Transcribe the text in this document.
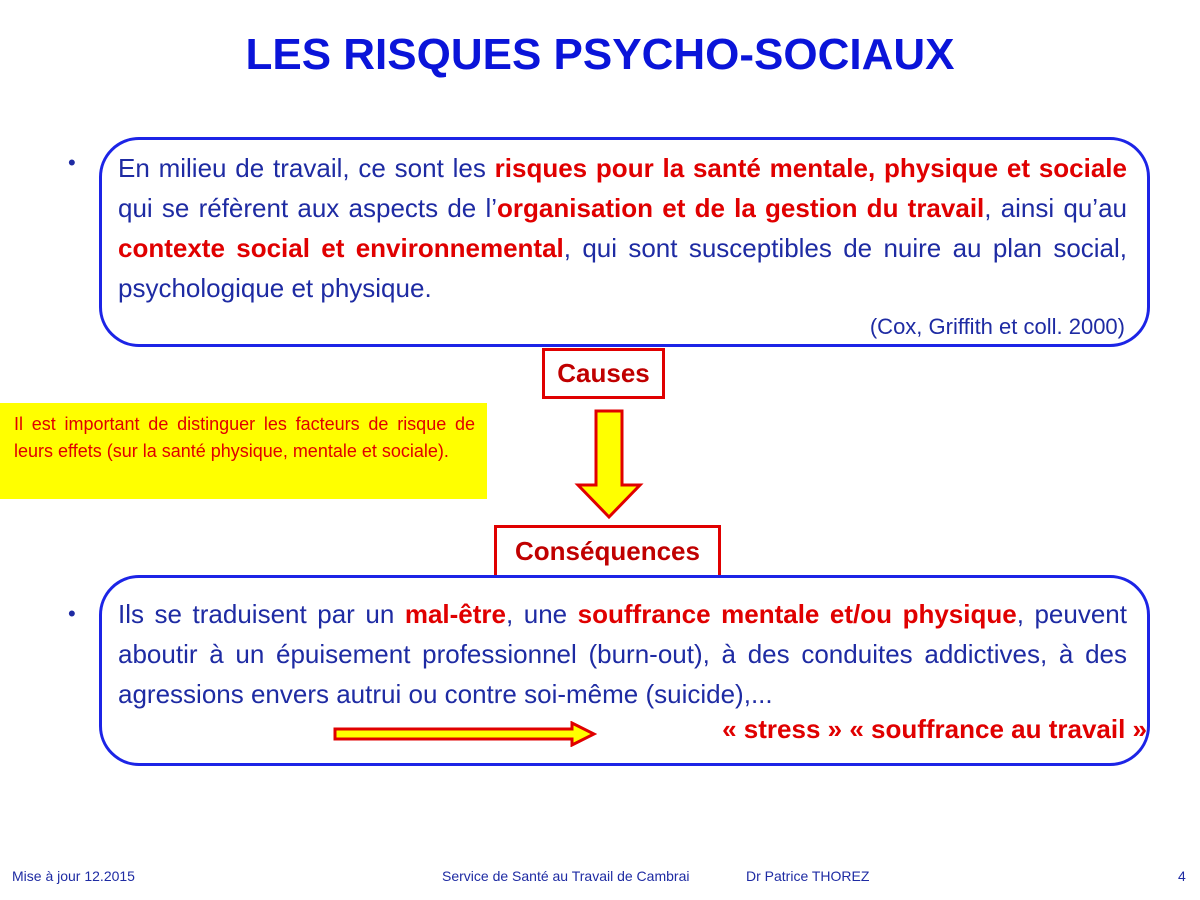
LES RISQUES PSYCHO-SOCIAUX
• En milieu de travail, ce sont les risques pour la santé mentale, physique et sociale qui se réfèrent aux aspects de l’organisation et de la gestion du travail, ainsi qu’au contexte social et environnemental, qui sont susceptibles de nuire au plan social, psychologique et physique.
(Cox, Griffith et coll. 2000)
Causes
Il est important de distinguer les facteurs de risque de leurs effets (sur la santé physique, mentale et sociale).
Conséquences
• Ils se traduisent par un mal-être, une souffrance mentale et/ou physique, peuvent aboutir à un épuisement professionnel (burn-out), à des conduites addictives, à des agressions envers autrui ou contre soi-même (suicide),...
« stress » « souffrance au travail »
Mise à jour 12.2015	Service de Santé au Travail de Cambrai	Dr Patrice THOREZ	4
